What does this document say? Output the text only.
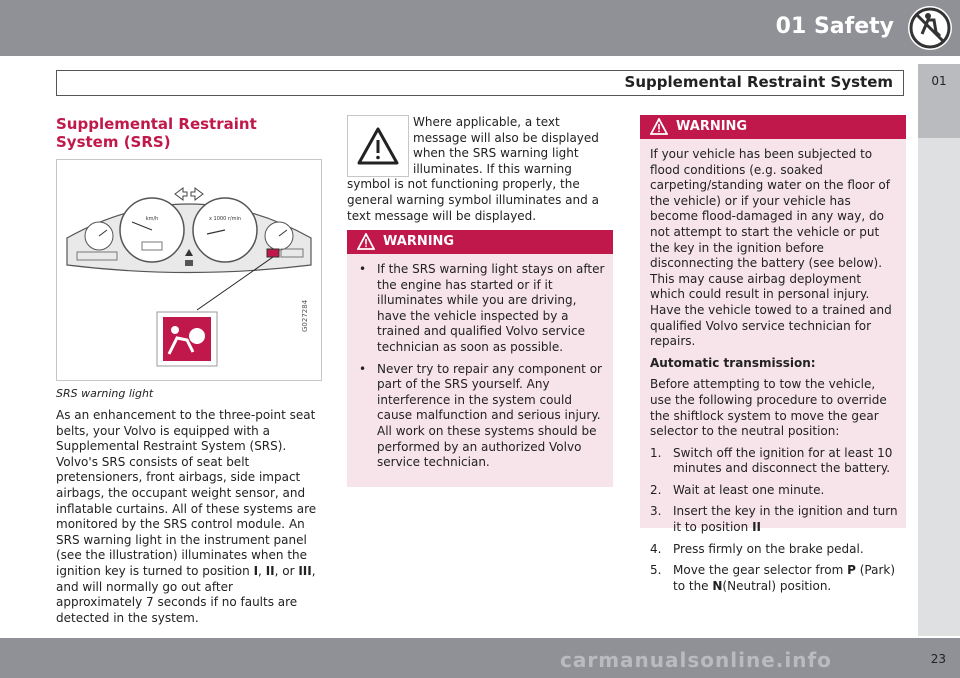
01 Safety
Supplemental Restraint System	01
Supplemental Restraint System (SRS)
km/h	x 1000 r/min
G027284
SRS warning light

As an enhancement to the three-point seat belts, your Volvo is equipped with a Supplemental Restraint System (SRS). Volvo's SRS consists of seat belt pretensioners, front airbags, side impact airbags, the occupant weight sensor, and inflatable curtains. All of these systems are monitored by the SRS control module. An SRS warning light in the instrument panel (see the illustration) illuminates when the ignition key is turned to position I, II, or III, and will normally go out after approximately 7 seconds if no faults are detected in the system.

Where applicable, a text message will also be displayed when the SRS warning light illuminates. If this warning symbol is not functioning properly, the general warning symbol illuminates and a text message will be displayed.

WARNING
• If the SRS warning light stays on after the engine has started or if it illuminates while you are driving, have the vehicle inspected by a trained and qualified Volvo service technician as soon as possible.
• Never try to repair any component or part of the SRS yourself. Any interference in the system could cause malfunction and serious injury. All work on these systems should be performed by an authorized Volvo service technician.
WARNING

If your vehicle has been subjected to flood conditions (e.g. soaked carpeting/standing water on the floor of the vehicle) or if your vehicle has become flood-damaged in any way, do not attempt to start the vehicle or put the key in the ignition before disconnecting the battery (see below). This may cause airbag deployment which could result in personal injury. Have the vehicle towed to a trained and qualified Volvo service technician for repairs.

Automatic transmission:

Before attempting to tow the vehicle, use the following procedure to override the shiftlock system to move the gear selector to the neutral position:

1. Switch off the ignition for at least 10 minutes and disconnect the battery.
2. Wait at least one minute.
3. Insert the key in the ignition and turn it to position II
4. Press firmly on the brake pedal.
5. Move the gear selector from P (Park) to the N(Neutral) position.
23
carmanualsonline.info
